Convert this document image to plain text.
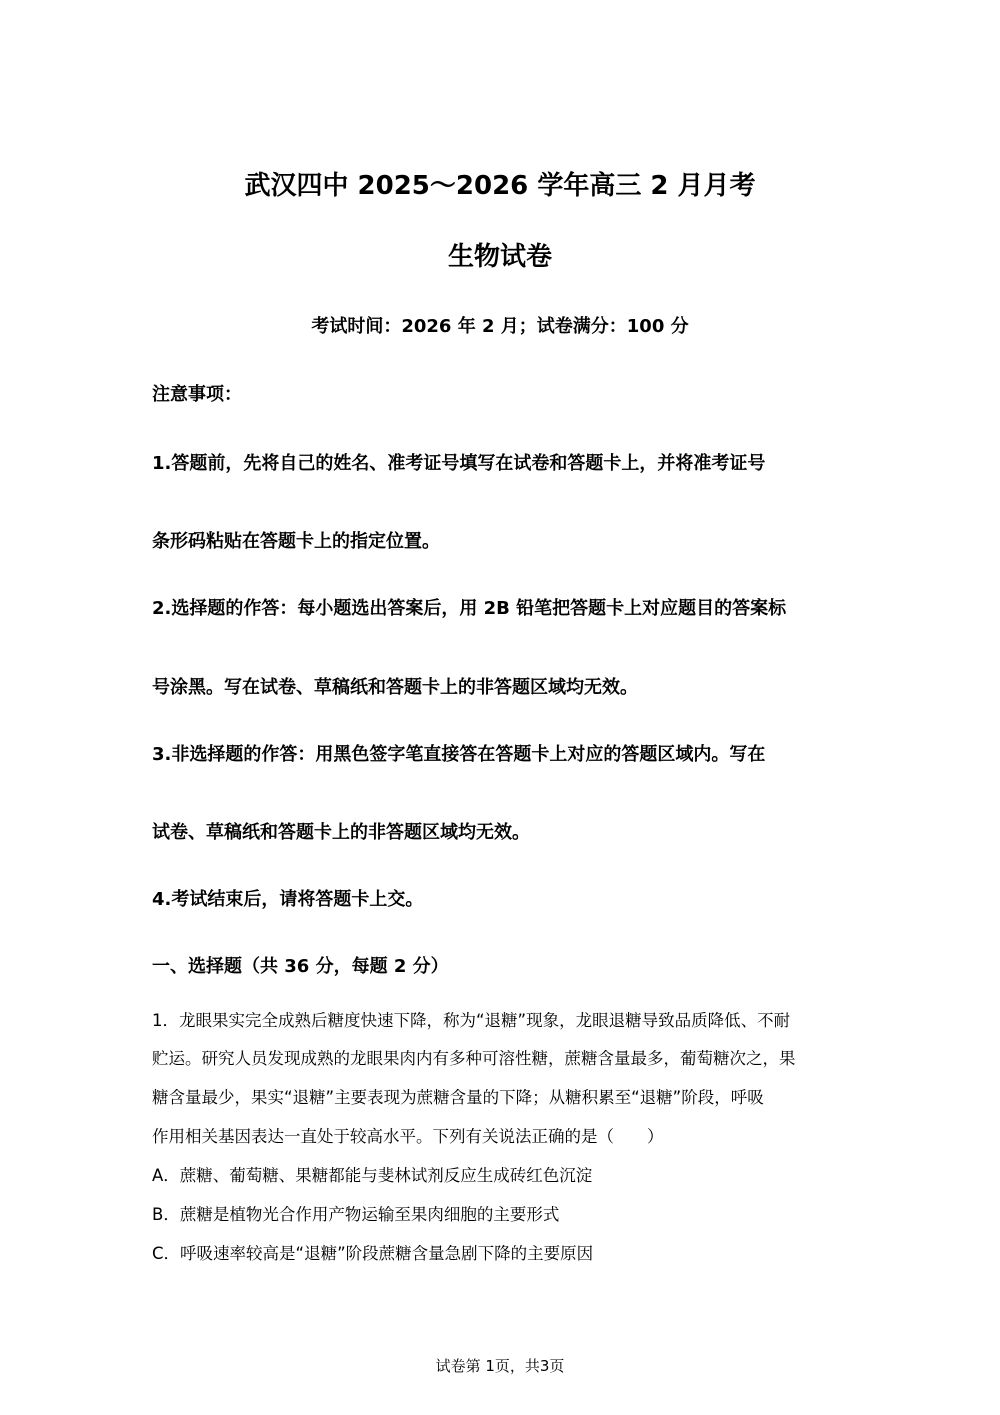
武汉四中 2025～2026 学年高三 2 月月考
生物试卷
考试时间：2026 年 2 月；试卷满分：100 分
注意事项：
1.答题前，先将自己的姓名、准考证号填写在试卷和答题卡上，并将准考证号
条形码粘贴在答题卡上的指定位置。
2.选择题的作答：每小题选出答案后，用 2B 铅笔把答题卡上对应题目的答案标
号涂黑。写在试卷、草稿纸和答题卡上的非答题区域均无效。
3.非选择题的作答：用黑色签字笔直接答在答题卡上对应的答题区域内。写在
试卷、草稿纸和答题卡上的非答题区域均无效。
4.考试结束后，请将答题卡上交。
一、选择题（共 36 分，每题 2 分）
1．龙眼果实完全成熟后糖度快速下降，称为“退糖”现象，龙眼退糖导致品质降低、不耐
贮运。研究人员发现成熟的龙眼果肉内有多种可溶性糖，蔗糖含量最多，葡萄糖次之，果
糖含量最少，果实“退糖”主要表现为蔗糖含量的下降；从糖积累至“退糖”阶段，呼吸
作用相关基因表达一直处于较高水平。下列有关说法正确的是（　　）
A．蔗糖、葡萄糖、果糖都能与斐林试剂反应生成砖红色沉淀
B．蔗糖是植物光合作用产物运输至果肉细胞的主要形式
C．呼吸速率较高是“退糖”阶段蔗糖含量急剧下降的主要原因
试卷第 1页，共3页
